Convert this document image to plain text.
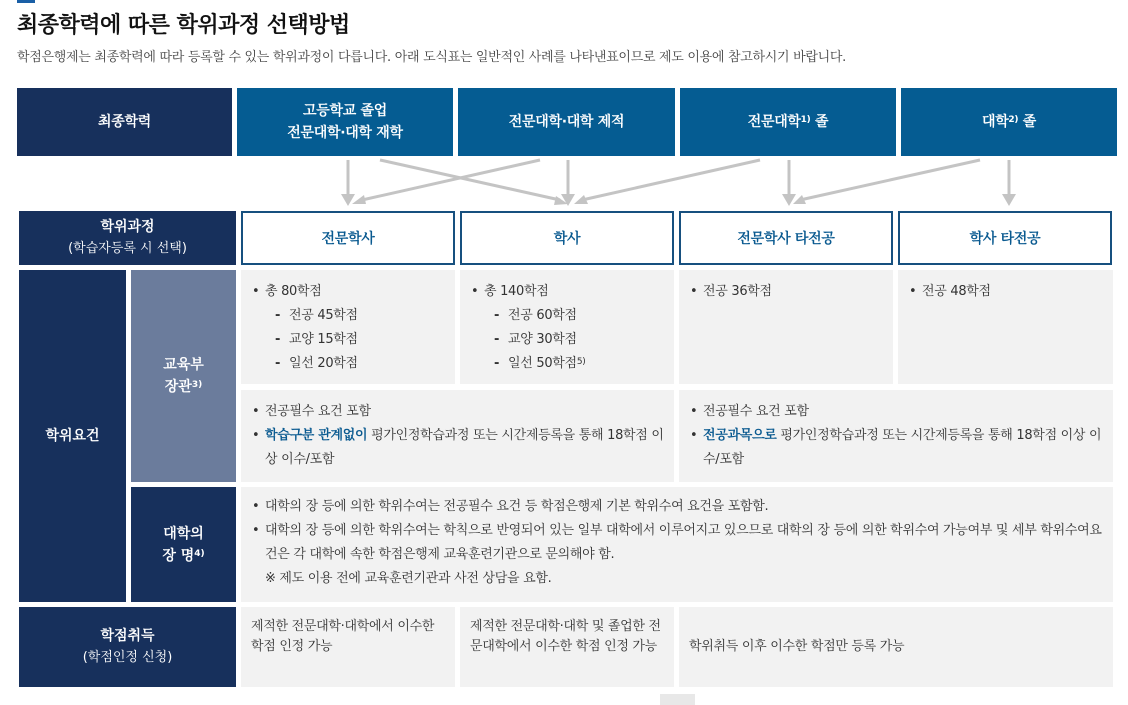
최종학력에 따른 학위과정 선택방법

학점은행제는 최종학력에 따라 등록할 수 있는 학위과정이 다릅니다. 아래 도식표는 일반적인 사례를 나타낸표이므로 제도 이용에 참고하시기 바랍니다.

최종학력
고등학교 졸업
전문대학·대학 재학
전문대학·대학 제적	전문대학$^{1)}$ 졸	대학$^{2)}$ 졸
학위과정
(학습자등록 시 선택)
전문학사	학사	전문학사 타전공	학사 타전공
학위요건
교육부
장관$^{3)}$
• 총 80학점
- 전공 45학점
- 교양 15학점
- 일선 20학점
• 총 140학점
- 전공 60학점
- 교양 30학점
- 일선 50학점$^{5)}$
• 전공 36학점
•	전공 48학점
• 전공필수 요건 포함
• 학습구분 관계없이 평가인정학습과정 또는 시간제등록을 통해 18학점 이상 이수/포함
• 전공필수 요건 포함
• 전공과목으로 평가인정학습과정 또는 시간제등록을 통해 18학점 이상 이수/포함
대학의
장 명$^{4)}$
• 대학의 장 등에 의한 학위수여는 전공필수 요건 등 학점은행제 기본 학위수여 요건을 포함함.
• 대학의 장 등에 의한 학위수여는 학칙으로 반영되어 있는 일부 대학에서 이루어지고 있으므로 대학의 장 등에 의한 학위수여 가능여부 및 세부 학위수여요건은 각 대학에 속한 학점은행제 교육훈련기관으로 문의해야 함.
※ 제도 이용 전에 교육훈련기관과 사전 상담을 요함.
학점취득
(학점인정 신청)
제적한 전문대학·대학에서 이수한 학점 인정 가능
제적한 전문대학·대학 및 졸업한 전문대학에서 이수한 학점 인정 가능	학위취득 이후 이수한 학점만 등록 가능
